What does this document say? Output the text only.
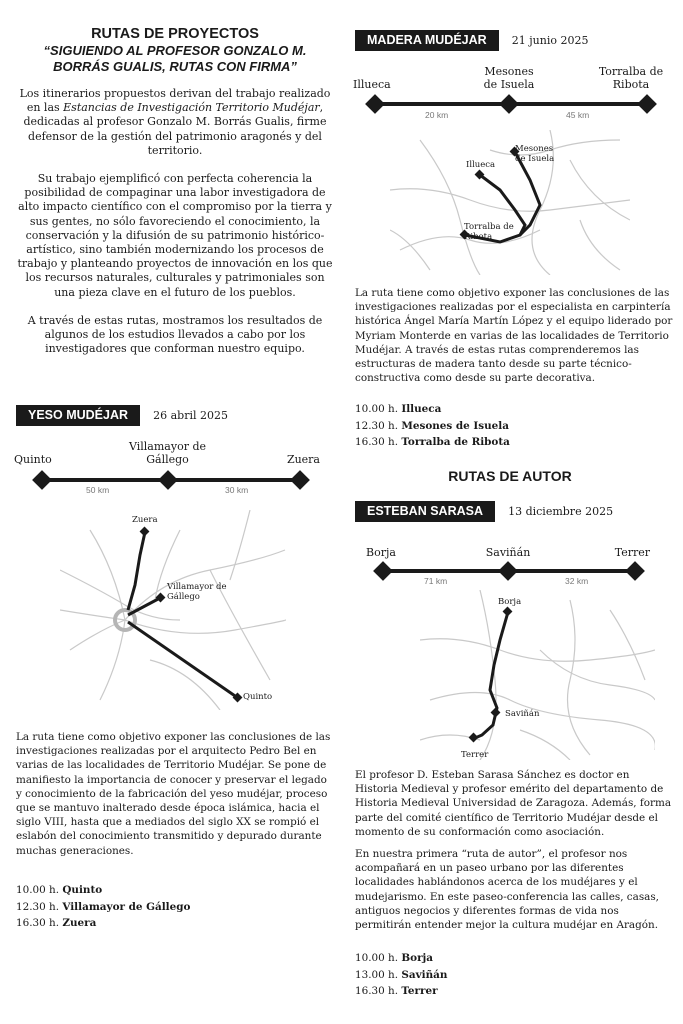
RUTAS DE PROYECTOS
“SIGUIENDO AL PROFESOR GONZALO M. BORRÁS GUALIS, RUTAS CON FIRMA”

Los itinerarios propuestos derivan del trabajo realizado en las Estancias de Investigación Territorio Mudéjar, dedicadas al profesor Gonzalo M. Borrás Gualis, firme defensor de la gestión del patrimonio aragonés y del territorio.

Su trabajo ejemplificó con perfecta coherencia la posibilidad de compaginar una labor investigadora de alto impacto científico con el compromiso por la tierra y sus gentes, no sólo favoreciendo el conocimiento, la conservación y la difusión de su patrimonio histórico-artístico, sino también modernizando los procesos de trabajo y planteando proyectos de innovación en los que los recursos naturales, culturales y patrimoniales son una pieza clave en el futuro de los pueblos.

A través de estas rutas, mostramos los resultados de algunos de los estudios llevados a cabo por los investigadores que conforman nuestro equipo.

YESO MUDÉJAR 26 abril 2025
Quinto
Villamayor de Gállego	Zuera
50 km	30 km
Zuera
Villamayor de Gállego
Quinto

La ruta tiene como objetivo exponer las conclusiones de las investigaciones realizadas por el arquitecto Pedro Bel en varias de las localidades de Territorio Mudéjar. Se pone de manifiesto la importancia de conocer y preservar el legado y conocimiento de la fabricación del yeso mudéjar, proceso que se mantuvo inalterado desde época islámica, hacia el siglo VIII, hasta que a mediados del siglo XX se rompió el eslabón del conocimiento transmitido y depurado durante muchas generaciones.

10.00 h. Quinto
12.30 h. Villamayor de Gállego
16.30 h. Zuera
MADERA MUDÉJAR 21 junio 2025
Illueca
Mesones de Isuela
Torralba de Ribota
20 km	45 km
Mesones de Isuela
Illueca
Torralba de Ribota

La ruta tiene como objetivo exponer las conclusiones de las investigaciones realizadas por el especialista en carpintería histórica Ángel María Martín López y el equipo liderado por Myriam Monterde en varias de las localidades de Territorio Mudéjar. A través de estas rutas comprenderemos las estructuras de madera tanto desde su parte técnico-constructiva como desde su parte decorativa.

10.00 h. Illueca
12.30 h. Mesones de Isuela
16.30 h. Torralba de Ribota
RUTAS DE AUTOR
ESTEBAN SARASA 13 diciembre 2025
Borja	Saviñán	Terrer
71 km	32 km
Borja
Saviñán
Terrer

El profesor D. Esteban Sarasa Sánchez es doctor en Historia Medieval y profesor emérito del departamento de Historia Medieval Universidad de Zaragoza. Además, forma parte del comité científico de Territorio Mudéjar desde el momento de su conformación como asociación.

En nuestra primera “ruta de autor”, el profesor nos acompañará en un paseo urbano por las diferentes localidades hablándonos acerca de los mudéjares y el mudejarismo. En este paseo-conferencia las calles, casas, antiguos negocios y diferentes formas de vida nos permitirán entender mejor la cultura mudéjar en Aragón.

10.00 h. Borja
13.00 h. Saviñán
16.30 h. Terrer
